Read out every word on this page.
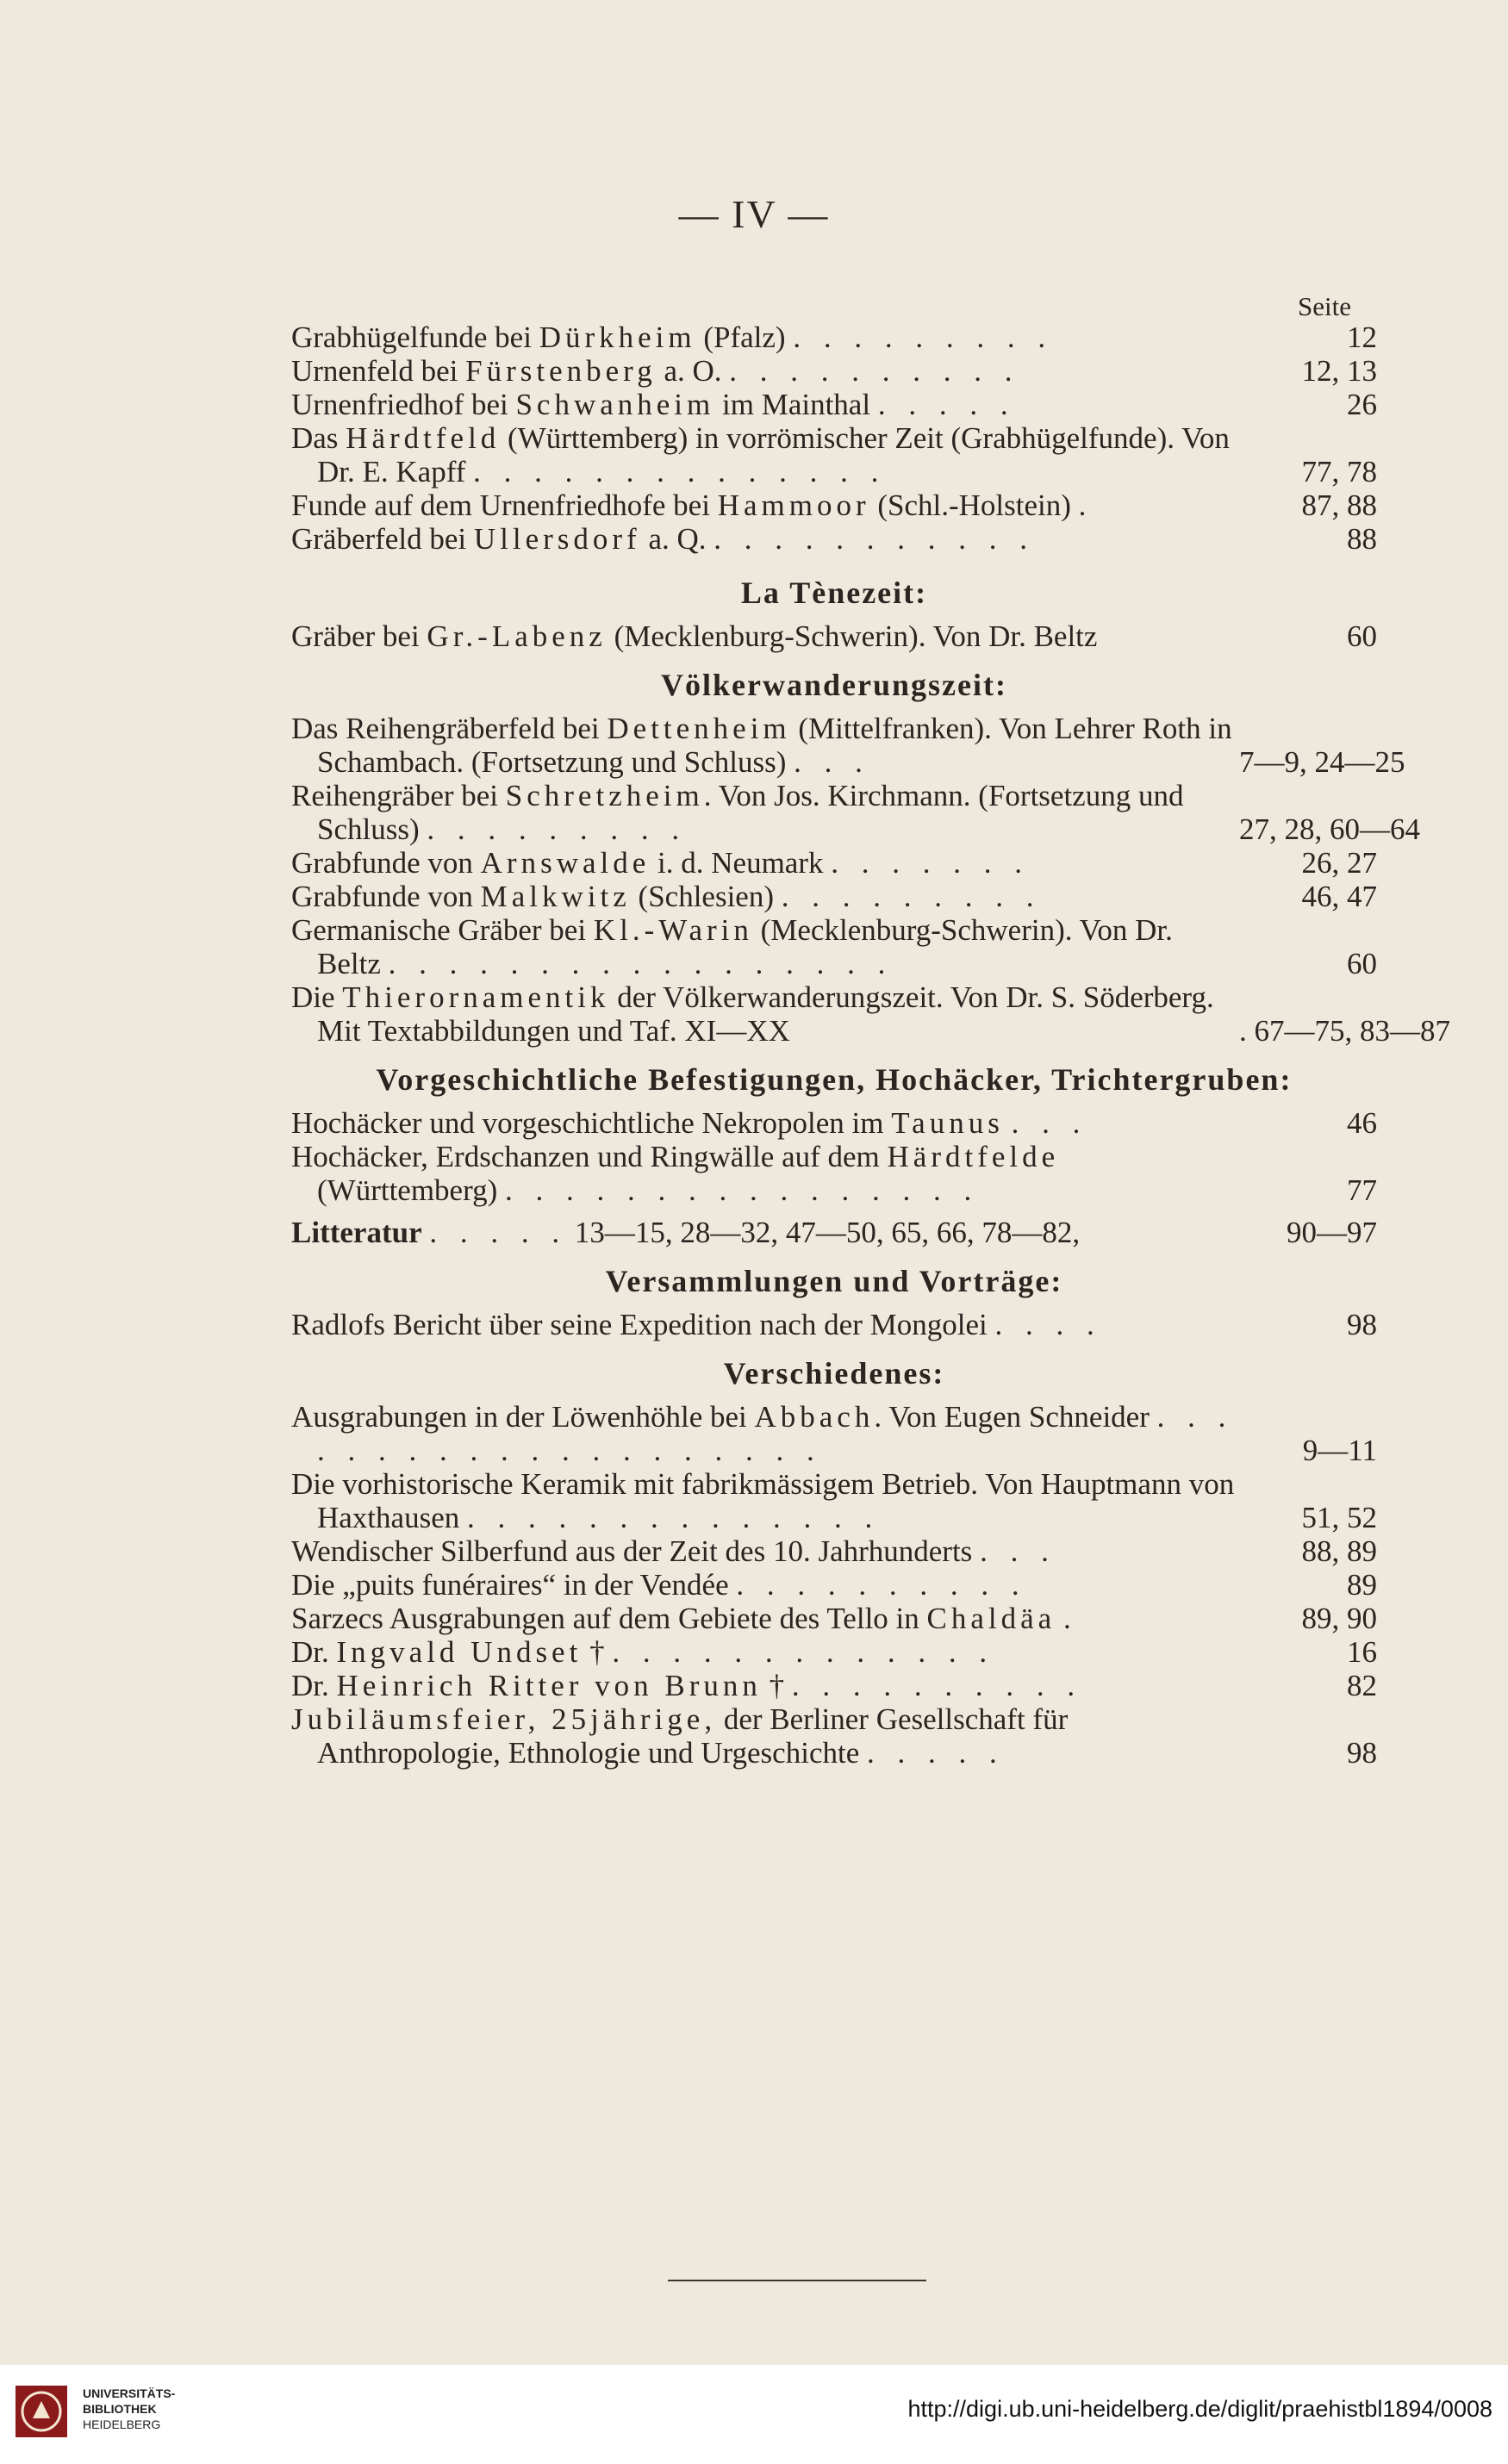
— IV —
Seite
Grabhügelfunde bei Dürkheim (Pfalz) . . . . . . . . .	12
Urnenfeld bei Fürstenberg a. O. . . . . . . . . . .	12, 13
Urnenfriedhof bei Schwanheim im Mainthal . . . . .	26
Das Härdtfeld (Württemberg) in vorrömischer Zeit (Grabhügelfunde). Von Dr. E. Kapff . . . . . . . . . . . . . .	77, 78
Funde auf dem Urnenfriedhofe bei Hammoor (Schl.-Holstein) .	87, 88
Gräberfeld bei Ullersdorf a. Q. . . . . . . . . . . .	88
La Tènezeit:
Gräber bei Gr.-Labenz (Mecklenburg-Schwerin). Von Dr. Beltz	60
Völkerwanderungszeit:
Das Reihengräberfeld bei Dettenheim (Mittelfranken). Von Lehrer Roth in Schambach. (Fortsetzung und Schluss) . . .	7—9, 24—25
Reihengräber bei Schretzheim. Von Jos. Kirchmann. (Fortsetzung und Schluss) . . . . . . . . .	27, 28, 60—64
Grabfunde von Arnswalde i. d. Neumark . . . . . . .	26, 27
Grabfunde von Malkwitz (Schlesien) . . . . . . . . .	46, 47
Germanische Gräber bei Kl.-Warin (Mecklenburg-Schwerin). Von Dr. Beltz . . . . . . . . . . . . . . . . .	60
Die Thierornamentik der Völkerwanderungszeit. Von Dr. S. Söderberg. Mit Textabbildungen und Taf. XI—XX	. 67—75, 83—87
Vorgeschichtliche Befestigungen, Hochäcker, Trichtergruben:
Hochäcker und vorgeschichtliche Nekropolen im Taunus . . .	46
Hochäcker, Erdschanzen und Ringwälle auf dem Härdtfelde (Württemberg) . . . . . . . . . . . . . . . .	77
Litteratur . . . . . 13—15, 28—32, 47—50, 65, 66, 78—82,	90—97
Versammlungen und Vorträge:
Radlofs Bericht über seine Expedition nach der Mongolei . . . .	98
Verschiedenes:
Ausgrabungen in der Löwenhöhle bei Abbach. Von Eugen Schneider . . . . . . . . . . . . . . . . . . . .	9—11
Die vorhistorische Keramik mit fabrikmässigem Betrieb. Von Hauptmann von Haxthausen . . . . . . . . . . . . . .	51, 52
Wendischer Silberfund aus der Zeit des 10. Jahrhunderts . . .	88, 89
Die „puits funéraires“ in der Vendée . . . . . . . . . .	89
Sarzecs Ausgrabungen auf dem Gebiete des Tello in Chaldäa .	89, 90
Dr. Ingvald Undset † . . . . . . . . . . . . .	16
Dr. Heinrich Ritter von Brunn † . . . . . . . . . .	82
Jubiläumsfeier, 25jährige, der Berliner Gesellschaft für Anthropologie, Ethnologie und Urgeschichte . . . . .	98
UNIVERSITÄTS-
BIBLIOTHEK
HEIDELBERG
http://digi.ub.uni-heidelberg.de/diglit/praehistbl1894/0008
